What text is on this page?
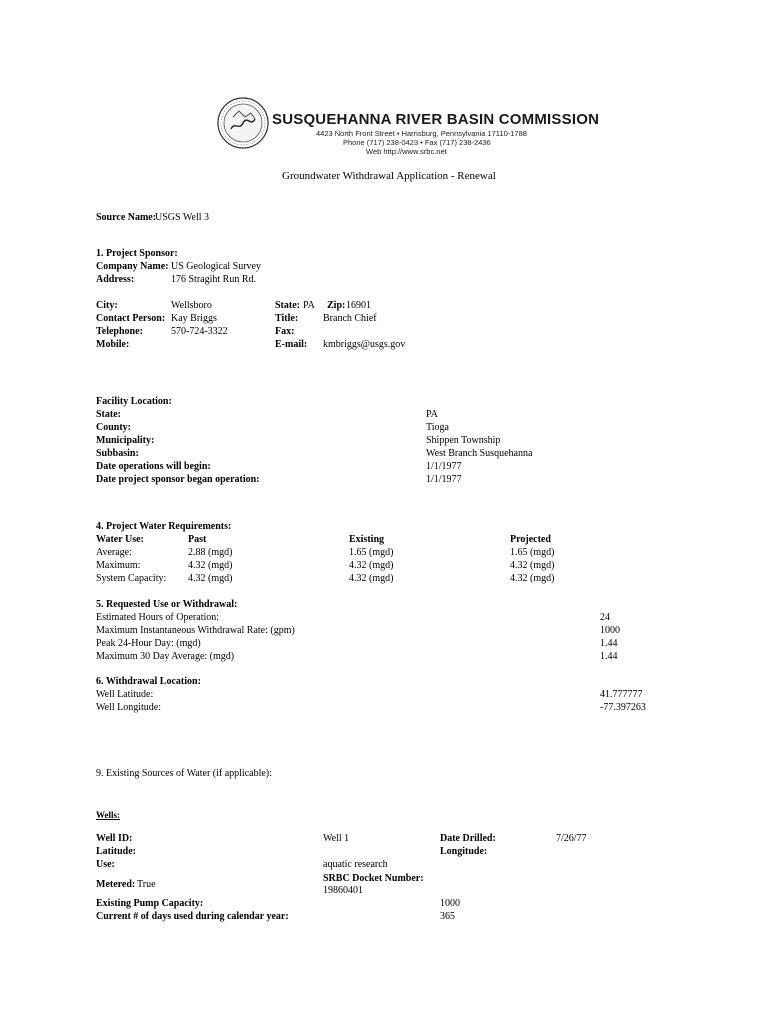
SUSQUEHANNA RIVER BASIN COMMISSION
4423 North Front Street • Harrisburg, Pennsylvania 17110-1788
Phone (717) 238-0423 • Fax (717) 238-2436
Web http://www.srbc.net
Groundwater Withdrawal Application - Renewal
Source Name:
USGS Well 3
1. Project Sponsor:
Company Name: US Geological Survey
Address:	176 Stragiht Run Rd.
City:	Wellsboro	State: PA Zip: 16901
Contact Person: Kay Briggs	Title: Branch Chief
Telephone:	570-724-3322	Fax:
Mobile:	E-mail: kmbriggs@usgs.gov
Facility Location:
State:	PA
County:	Tioga
Municipality:	Shippen Township
Subbasin:	West Branch Susquehanna
Date operations will begin:	1/1/1977
Date project sponsor began operation:	1/1/1977
4. Project Water Requirements:
Water Use:	Past	Existing	Projected
Average:	2.88 (mgd)	1.65 (mgd)	1.65 (mgd)
Maximum:	4.32 (mgd)	4.32 (mgd)	4.32 (mgd)
System Capacity: 4.32 (mgd)	4.32 (mgd)	4.32 (mgd)
5. Requested Use or Withdrawal:
Estimated Hours of Operation:	24
Maximum Instantaneous Withdrawal Rate: (gpm)	1000
Peak 24-Hour Day: (mgd)	1.44
Maximum 30 Day Average: (mgd)	1.44
6. Withdrawal Location:
Well Latitude:	41.777777
Well Longitude:	-77.397263
9. Existing Sources of Water (if applicable):
Wells:
Well ID:	Well 1	Date Drilled:	7/26/77
Latitude:	Longitude:
Use:	aquatic research
Metered: True
SRBC Docket Number:
19860401
Existing Pump Capacity:	1000
Current # of days used during calendar year:	365
